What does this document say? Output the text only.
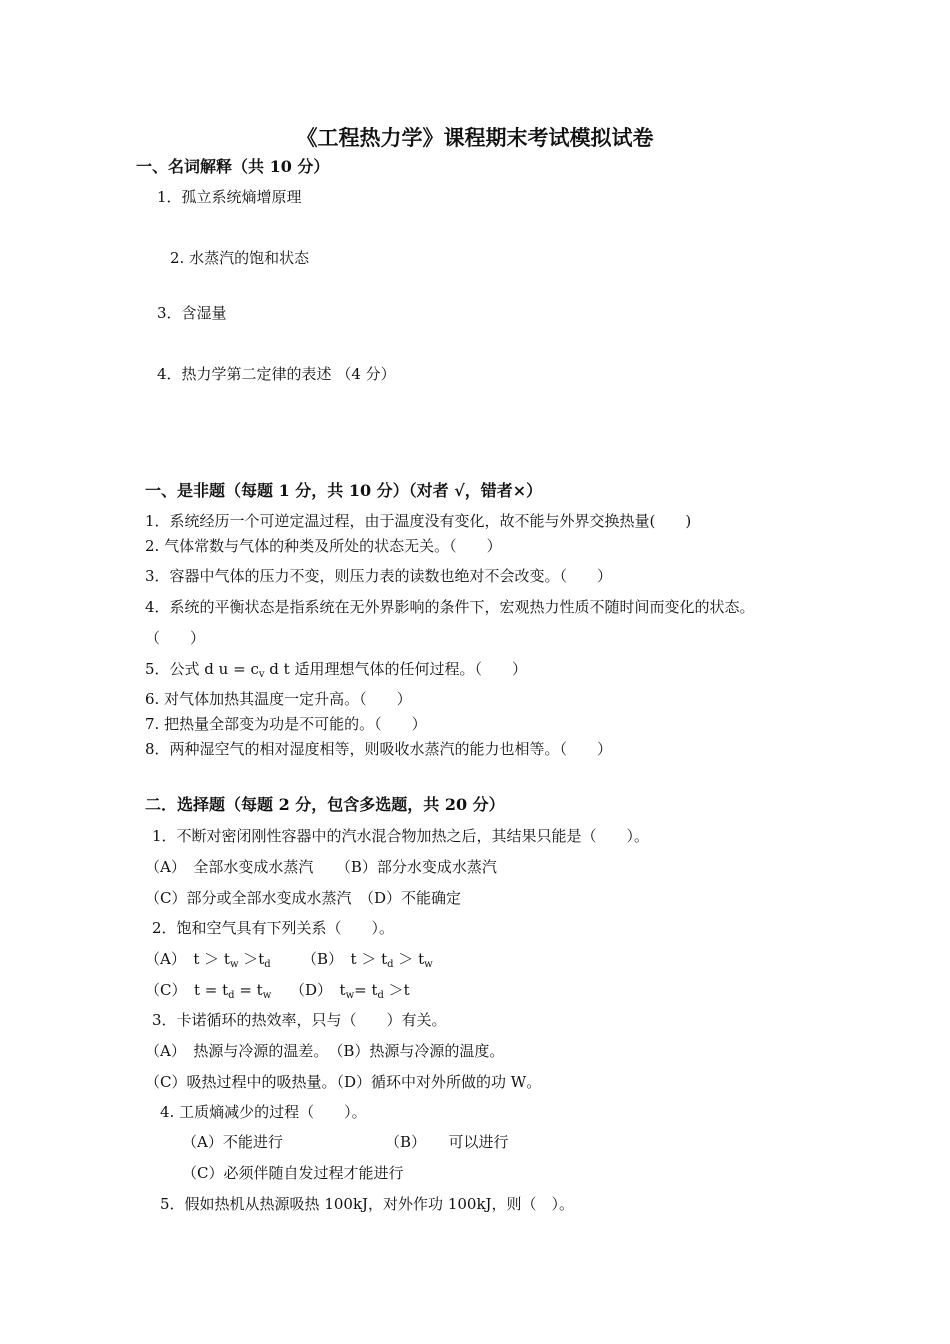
《工程热力学》课程期末考试模拟试卷
一、名词解释（共 10 分）
1．孤立系统熵增原理
2. 水蒸汽的饱和状态
3．含湿量
4．热力学第二定律的表述 （4 分）
一、是非题（每题 1 分，共 10 分）（对者 √，错者×）
1．系统经历一个可逆定温过程，由于温度没有变化，故不能与外界交换热量(　　)
2. 气体常数与气体的种类及所处的状态无关。（　　）
3．容器中气体的压力不变，则压力表的读数也绝对不会改变。（　　）
4．系统的平衡状态是指系统在无外界影响的条件下，宏观热力性质不随时间而变化的状态。
（　　）
5．公式 d $u = c_v$ d t 适用理想气体的任何过程。（　　）
6. 对气体加热其温度一定升高。（　　）
7. 把热量全部变为功是不可能的。（　　）
8．两种湿空气的相对湿度相等，则吸收水蒸汽的能力也相等。（　　）
二．选择题（每题 2 分，包含多选题，共 20 分）
1．不断对密闭刚性容器中的汽水混合物加热之后，其结果只能是（　　）。
（A）　全部水变成水蒸汽　　（B）部分水变成水蒸汽
（C）部分或全部水变成水蒸汽　（D）不能确定
2．饱和空气具有下列关系（　　）。
（A）　$t > t_w >t_d$ （B）　$t > t_d > t_w$
（C）　$t = t_d = t_w$ （D）　$t_w= t_d >t$
3．卡诺循环的热效率，只与（　　）有关。
（A）　热源与冷源的温差。　（B）热源与冷源的温度。
（C）吸热过程中的吸热量。（D）循环中对外所做的功 W。
4. 工质熵减少的过程（　　）。
（A）不能进行	（B）　　可以进行
（C）必须伴随自发过程才能进行
5．假如热机从热源吸热 100kJ，对外作功 100kJ，则（　）。
